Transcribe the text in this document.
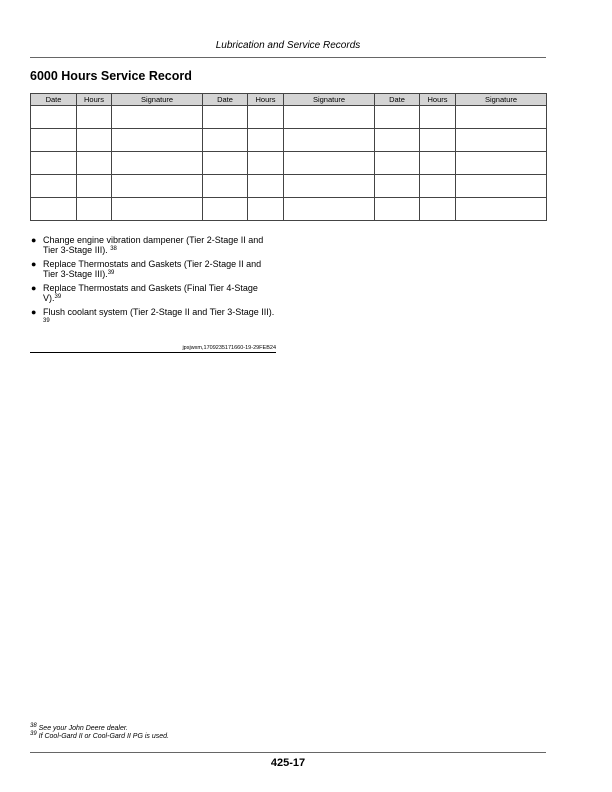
Lubrication and Service Records
6000 Hours Service Record
Date	Hours	Signature	Date	Hours	Signature	Date	Hours	Signature

● Change engine vibration dampener (Tier 2-Stage II and Tier 3-Stage III). $^{38}$
● Replace Thermostats and Gaskets (Tier 2-Stage II and Tier 3-Stage III).$^{39}$
● Replace Thermostats and Gaskets (Final Tier 4-Stage V).$^{39}$
● Flush coolant system (Tier 2-Stage II and Tier 3-Stage III). $^{39}$
jpsjwxm,1709235171660-19-29FEB24
$^{38}$ See your John Deere dealer.
$^{39}$ If Cool-Gard II or Cool-Gard II PG is used.
425-17
